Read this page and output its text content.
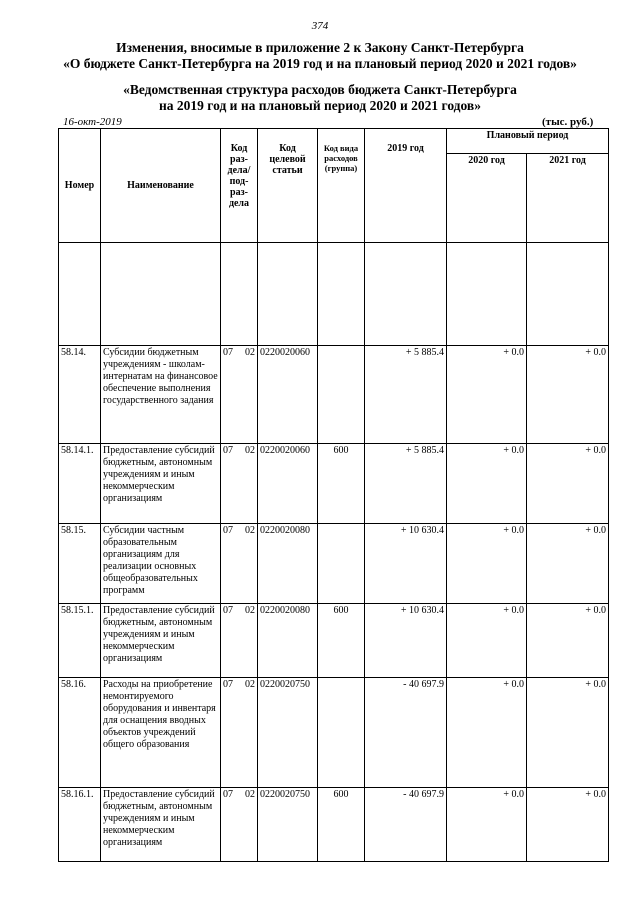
374
Изменения, вносимые в приложение 2 к Закону Санкт-Петербурга
«О бюджете Санкт-Петербурга на 2019 год и на плановый период 2020 и 2021 годов»
«Ведомственная структура расходов бюджета Санкт-Петербурга
на 2019 год и на плановый период 2020 и 2021 годов»
16-окт-2019	(тыс. руб.)
Номер	Наименование	Код раз-дела/ под-раз-дела	Код целевой статьи	Код вида расходов (группа)	2019 год	Плановый период	
						2020 год	2021 год

58.14.	Субсидии бюджетным учреждениям - школам-интернатам на финансовое обеспечение выполнения государственного задания	07 02	0220020060		+ 5 885.4	+ 0.0	+ 0.0
58.14.1.	Предоставление субсидий бюджетным, автономным учреждениям и иным некоммерческим организациям	07 02	0220020060	600	+ 5 885.4	+ 0.0	+ 0.0
58.15.	Субсидии частным образовательным организациям для реализации основных общеобразовательных программ	07 02	0220020080		+ 10 630.4	+ 0.0	+ 0.0
58.15.1.	Предоставление субсидий бюджетным, автономным учреждениям и иным некоммерческим организациям	07 02	0220020080	600	+ 10 630.4	+ 0.0	+ 0.0
58.16.	Расходы на приобретение немонтируемого оборудования и инвентаря для оснащения вводных объектов учреждений общего образования	07 02	0220020750		- 40 697.9	+ 0.0	+ 0.0
58.16.1.	Предоставление субсидий бюджетным, автономным учреждениям и иным некоммерческим организациям	07 02	0220020750	600	- 40 697.9	+ 0.0	+ 0.0
